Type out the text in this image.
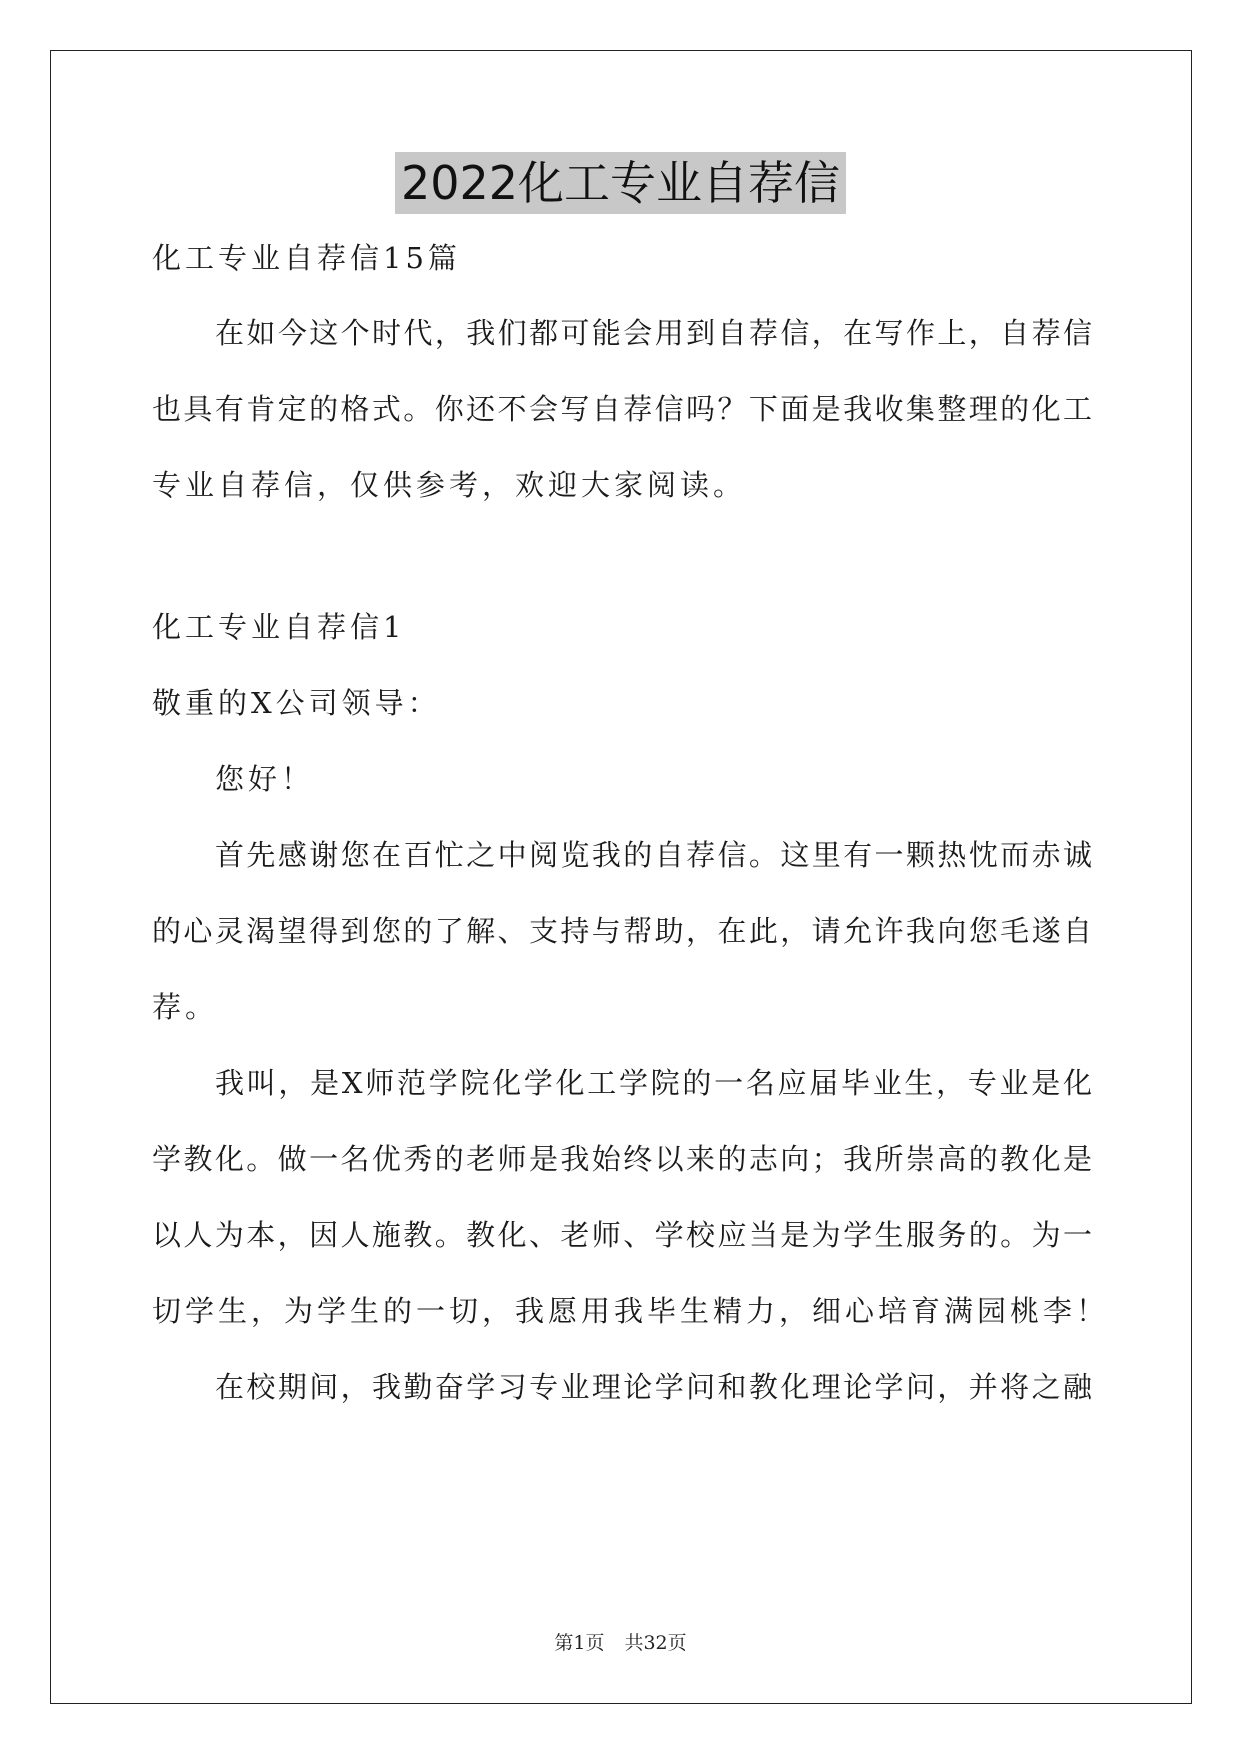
2022化工专业自荐信
化工专业自荐信15篇
在如今这个时代，我们都可能会用到自荐信，在写作上，自荐信
也具有肯定的格式。你还不会写自荐信吗？下面是我收集整理的化工
专业自荐信，仅供参考，欢迎大家阅读。
化工专业自荐信1
敬重的X公司领导：
您好！
首先感谢您在百忙之中阅览我的自荐信。这里有一颗热忱而赤诚
的心灵渴望得到您的了解、支持与帮助，在此，请允许我向您毛遂自
荐。
我叫，是X师范学院化学化工学院的一名应届毕业生，专业是化
学教化。做一名优秀的老师是我始终以来的志向；我所崇高的教化是
以人为本，因人施教。教化、老师、学校应当是为学生服务的。为一
切学生，为学生的一切，我愿用我毕生精力，细心培育满园桃李！
在校期间，我勤奋学习专业理论学问和教化理论学问，并将之融
第1页 共32页
